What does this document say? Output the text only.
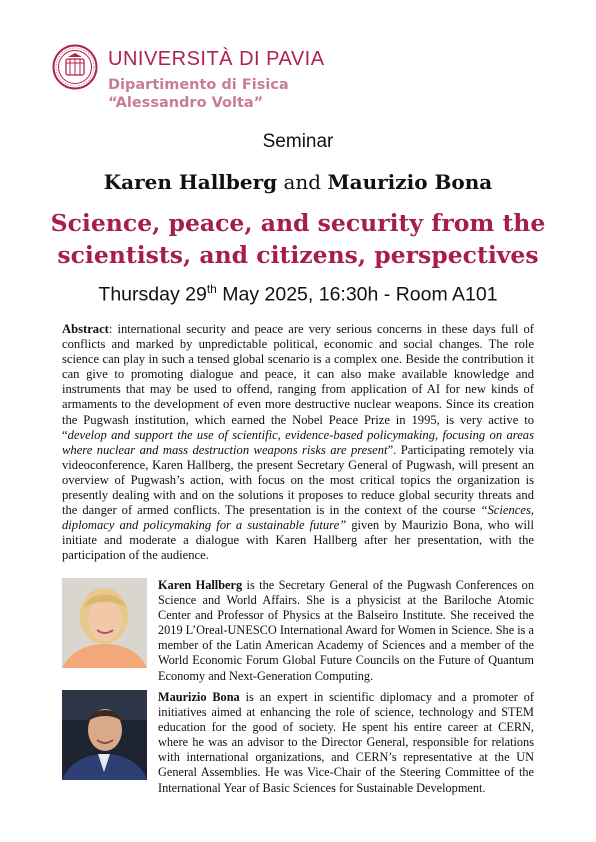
UNIVERSITÀ DI PAVIA
Dipartimento di Fisica
“Alessandro Volta”
Seminar
Karen Hallberg and Maurizio Bona
Science, peace, and security from the scientists, and citizens, perspectives
Thursday 29th May 2025, 16:30h - Room A101
Abstract: international security and peace are very serious concerns in these days full of conflicts and marked by unpredictable political, economic and social changes. The role science can play in such a tensed global scenario is a complex one. Beside the contribution it can give to promoting dialogue and peace, it can also make available knowledge and instruments that may be used to offend, ranging from application of AI for new kinds of armaments to the development of even more destructive nuclear weapons. Since its creation the Pugwash institution, which earned the Nobel Peace Prize in 1995, is very active to “develop and support the use of scientific, evidence-based policymaking, focusing on areas where nuclear and mass destruction weapons risks are present”. Participating remotely via videoconference, Karen Hallberg, the present Secretary General of Pugwash, will present an overview of Pugwash’s action, with focus on the most critical topics the organization is presently dealing with and on the solutions it proposes to reduce global security threats and the danger of armed conflicts. The presentation is in the context of the course “Sciences, diplomacy and policymaking for a sustainable future” given by Maurizio Bona, who will initiate and moderate a dialogue with Karen Hallberg after her presentation, with the participation of the audience.
Karen Hallberg is the Secretary General of the Pugwash Conferences on Science and World Affairs. She is a physicist at the Bariloche Atomic Center and Professor of Physics at the Balseiro Institute. She received the 2019 L’Oreal-UNESCO International Award for Women in Science. She is a member of the Latin American Academy of Sciences and a member of the World Economic Forum Global Future Councils on the Future of Quantum Economy and Next-Generation Computing.
Maurizio Bona is an expert in scientific diplomacy and a promoter of initiatives aimed at enhancing the role of science, technology and STEM education for the good of society. He spent his entire career at CERN, where he was an advisor to the Director General, responsible for relations with international organizations, and CERN’s representative at the UN General Assemblies. He was Vice-Chair of the Steering Committee of the International Year of Basic Sciences for Sustainable Development.
